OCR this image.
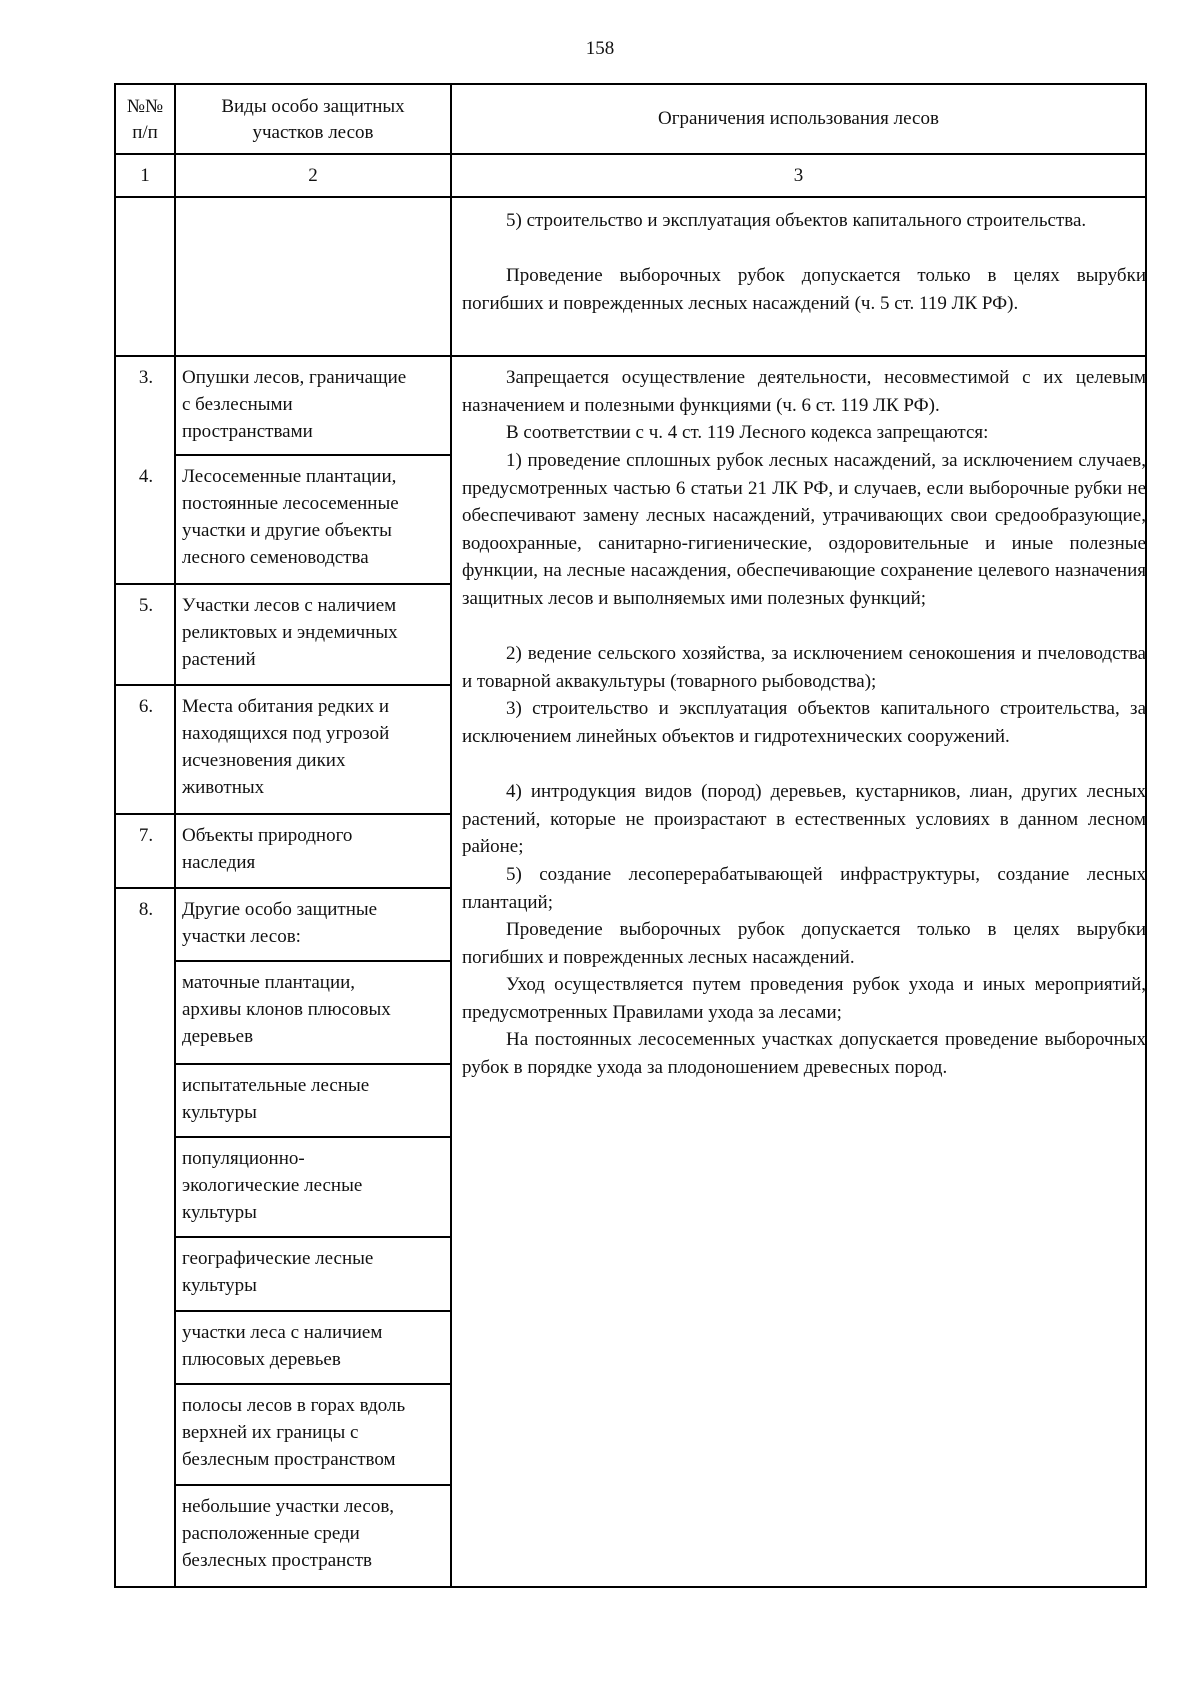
158
№№
п/п
Виды особо защитных
участков лесов
Ограничения использования лесов
1	2	3
5) строительство и эксплуатация объектов капитального строительства.
Проведение выборочных рубок допускается только в целях вырубки погибших и поврежденных лесных насаждений (ч. 5 ст. 119 ЛК РФ).
3.
4.
5.
6.
7.
8.
Опушки лесов, граничащие
с безлесными
пространствами
Лесосеменные плантации,
постоянные лесосеменные
участки и другие объекты
лесного семеноводства
Участки лесов с наличием
реликтовых и эндемичных
растений
Места обитания редких и
находящихся под угрозой
исчезновения диких
животных
Объекты природного
наследия
Другие особо защитные
участки лесов:
маточные плантации,
архивы клонов плюсовых
деревьев
испытательные лесные
культуры
популяционно-
экологические лесные
культуры
географические лесные
культуры
участки леса с наличием
плюсовых деревьев
полосы лесов в горах вдоль
верхней их границы с
безлесным пространством
небольшие участки лесов,
расположенные среди
безлесных пространств
Запрещается осуществление деятельности, несовместимой с их целевым назначением и полезными функциями (ч. 6 ст. 119 ЛК РФ).
В соответствии с ч. 4 ст. 119 Лесного кодекса запрещаются:
1) проведение сплошных рубок лесных насаждений, за исключением случаев, предусмотренных частью 6 статьи 21 ЛК РФ, и случаев, если выборочные рубки не обеспечивают замену лесных насаждений, утрачивающих свои средообразующие, водоохранные, санитарно-гигиенические, оздоровительные и иные полезные функции, на лесные насаждения, обеспечивающие сохранение целевого назначения защитных лесов и выполняемых ими полезных функций;
2) ведение сельского хозяйства, за исключением сенокошения и пчеловодства и товарной аквакультуры (товарного рыбоводства);
3) строительство и эксплуатация объектов капитального строительства, за исключением линейных объектов и гидротехнических сооружений.
4) интродукция видов (пород) деревьев, кустарников, лиан, других лесных растений, которые не произрастают в естественных условиях в данном лесном районе;
5) создание лесоперерабатывающей инфраструктуры, создание лесных плантаций;
Проведение выборочных рубок допускается только в целях вырубки погибших и поврежденных лесных насаждений.
Уход осуществляется путем проведения рубок ухода и иных мероприятий, предусмотренных Правилами ухода за лесами;
На постоянных лесосеменных участках допускается проведение выборочных рубок в порядке ухода за плодоношением древесных пород.
